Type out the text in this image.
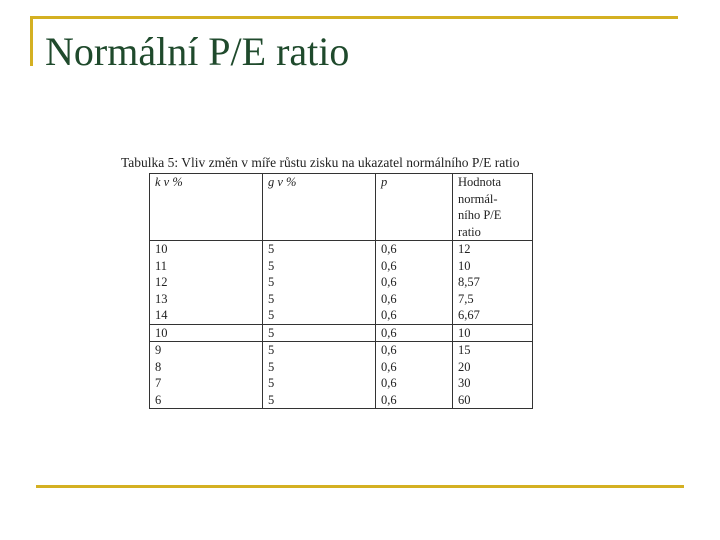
Normální P/E ratio
Tabulka 5: Vliv změn v míře růstu zisku na ukazatel normálního P/E ratio
k v %	g v %	p	Hodnota
normál-
ního P/E
ratio

10	5	0,6	12
11	5	0,6	10
12	5	0,6	8,57
13	5	0,6	7,5
14	5	0,6	6,67
10	5	0,6	10
9	5	0,6	15
8	5	0,6	20
7	5	0,6	30
6	5	0,6	60
